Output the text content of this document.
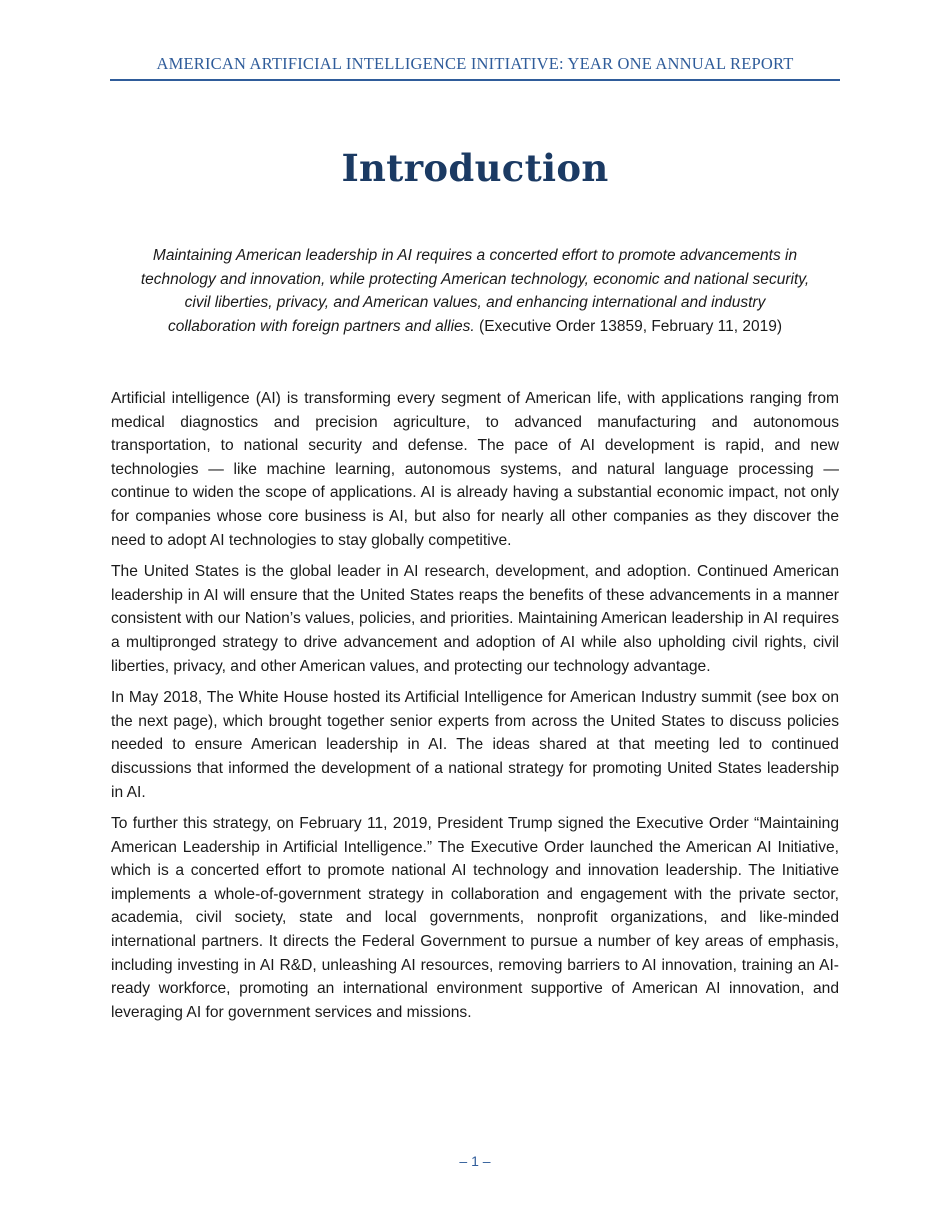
AMERICAN ARTIFICIAL INTELLIGENCE INITIATIVE: YEAR ONE ANNUAL REPORT
Introduction

Maintaining American leadership in AI requires a concerted effort to promote advancements in technology and innovation, while protecting American technology, economic and national security, civil liberties, privacy, and American values, and enhancing international and industry collaboration with foreign partners and allies. (Executive Order 13859, February 11, 2019)

Artificial intelligence (AI) is transforming every segment of American life, with applications ranging from medical diagnostics and precision agriculture, to advanced manufacturing and autonomous transportation, to national security and defense. The pace of AI development is rapid, and new technologies — like machine learning, autonomous systems, and natural language processing — continue to widen the scope of applications. AI is already having a substantial economic impact, not only for companies whose core business is AI, but also for nearly all other companies as they discover the need to adopt AI technologies to stay globally competitive.

The United States is the global leader in AI research, development, and adoption. Continued American leadership in AI will ensure that the United States reaps the benefits of these advancements in a manner consistent with our Nation’s values, policies, and priorities. Maintaining American leadership in AI requires a multipronged strategy to drive advancement and adoption of AI while also upholding civil rights, civil liberties, privacy, and other American values, and protecting our technology advantage.

In May 2018, The White House hosted its Artificial Intelligence for American Industry summit (see box on the next page), which brought together senior experts from across the United States to discuss policies needed to ensure American leadership in AI. The ideas shared at that meeting led to continued discussions that informed the development of a national strategy for promoting United States leadership in AI.

To further this strategy, on February 11, 2019, President Trump signed the Executive Order “Maintaining American Leadership in Artificial Intelligence.” The Executive Order launched the American AI Initiative, which is a concerted effort to promote national AI technology and innovation leadership. The Initiative implements a whole-of-government strategy in collaboration and engagement with the private sector, academia, civil society, state and local governments, nonprofit organizations, and like-minded international partners. It directs the Federal Government to pursue a number of key areas of emphasis, including investing in AI R&D, unleashing AI resources, removing barriers to AI innovation, training an AI-ready workforce, promoting an international environment supportive of American AI innovation, and leveraging AI for government services and missions.

– 1 –
